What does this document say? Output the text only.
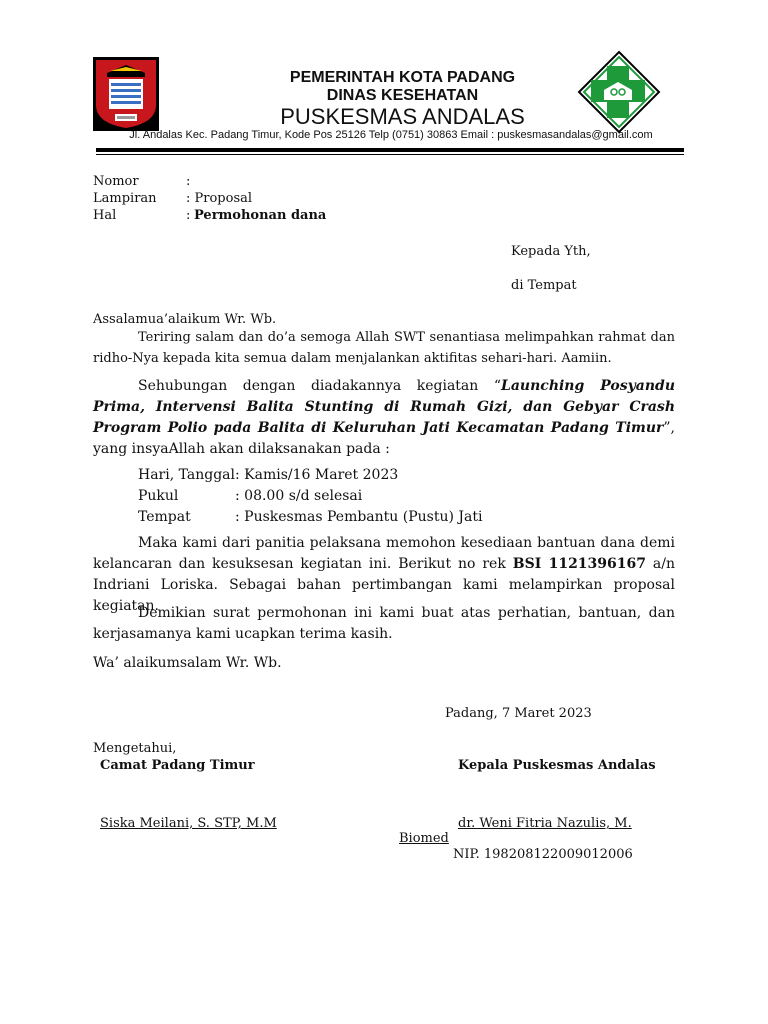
PEMERINTAH KOTA PADANG
DINAS KESEHATAN
PUSKESMAS ANDALAS
Jl. Andalas Kec. Padang Timur, Kode Pos 25126 Telp (0751) 30863 Email : puskesmasandalas@gmail.com
Nomor	:
Lampiran : Proposal
Hal	: Permohonan dana
Kepada Yth,
di Tempat
Assalamua’alaikum Wr. Wb.
Teriring salam dan do’a semoga Allah SWT senantiasa melimpahkan rahmat dan ridho-Nya kepada kita semua dalam menjalankan aktifitas sehari-hari. Aamiin.
Sehubungan dengan diadakannya kegiatan “Launching Posyandu Prima, Intervensi Balita Stunting di Rumah Gizi, dan Gebyar Crash Program Polio pada Balita di Keluruhan Jati Kecamatan Padang Timur”, yang insyaAllah akan dilaksanakan pada :
Hari, Tanggal : Kamis/16 Maret 2023
Pukul	: 08.00 s/d selesai
Tempat	: Puskesmas Pembantu (Pustu) Jati
Maka kami dari panitia pelaksana memohon kesediaan bantuan dana demi kelancaran dan kesuksesan kegiatan ini. Berikut no rek BSI 1121396167 a/n Indriani Loriska. Sebagai bahan pertimbangan kami melampirkan proposal kegiatan.
Demikian surat permohonan ini kami buat atas perhatian, bantuan, dan kerjasamanya kami ucapkan terima kasih.
Wa’ alaikumsalam Wr. Wb.
Padang, 7 Maret 2023
Mengetahui,
Camat Padang Timur	Kepala Puskesmas Andalas
Siska Meilani, S. STP, M.M	dr. Weni Fitria Nazulis, M.
Biomed
NIP. 198208122009012006
